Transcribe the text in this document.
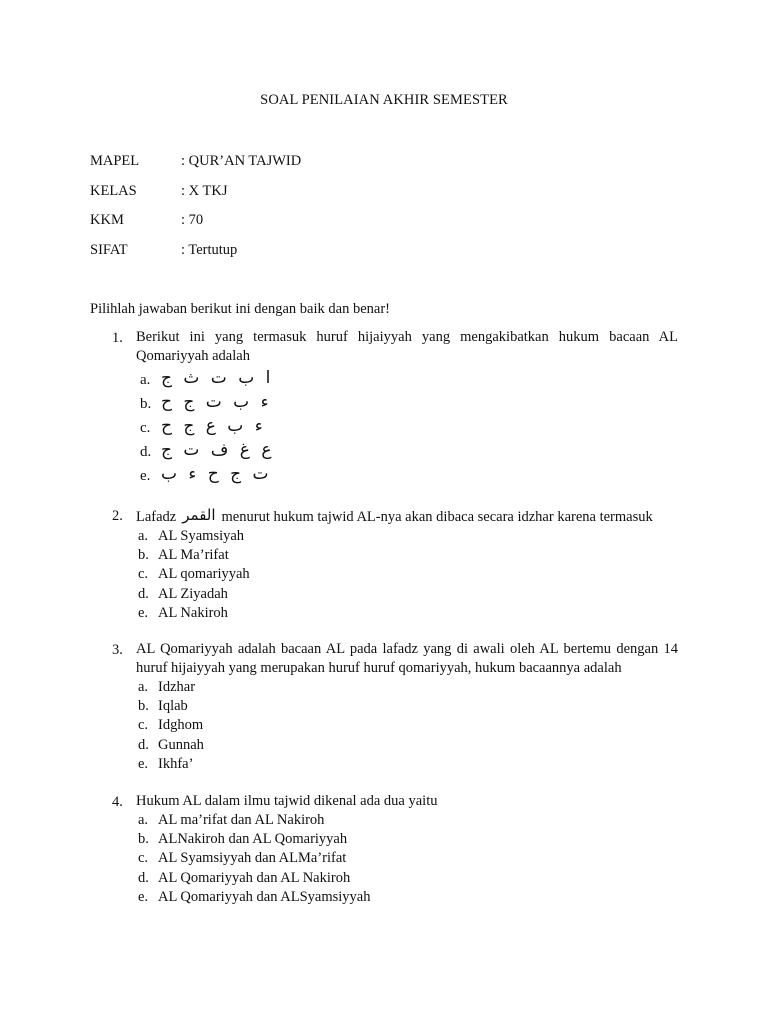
SOAL PENILAIAN AKHIR SEMESTER
MAPEL	: QUR’AN TAJWID
KELAS	: X TKJ
KKM	: 70
SIFAT	: Tertutup
Pilihlah jawaban berikut ini dengan baik dan benar!
1. Berikut ini yang termasuk huruf hijaiyyah yang mengakibatkan hukum bacaan AL Qomariyyah adalah
a. ا ب ت ث ج
b. ء ب ت ج ح
c. ء ب ع ج ح
d. ع غ ف ت ج
e. ت ج ح ء ب
2. Lafadz القمر menurut hukum tajwid AL-nya akan dibaca secara idzhar karena termasuk
a. AL Syamsiyah
b. AL Ma’rifat
c. AL qomariyyah
d. AL Ziyadah
e. AL Nakiroh
3. AL Qomariyyah adalah bacaan AL pada lafadz yang di awali oleh AL bertemu dengan 14 huruf hijaiyyah yang merupakan huruf huruf qomariyyah, hukum bacaannya adalah
a. Idzhar
b. Iqlab
c. Idghom
d. Gunnah
e. Ikhfa’
4. Hukum AL dalam ilmu tajwid dikenal ada dua yaitu
a. AL ma’rifat dan AL Nakiroh
b. ALNakiroh dan AL Qomariyyah
c. AL Syamsiyyah dan ALMa’rifat
d. AL Qomariyyah dan AL Nakiroh
e. AL Qomariyyah dan ALSyamsiyyah
